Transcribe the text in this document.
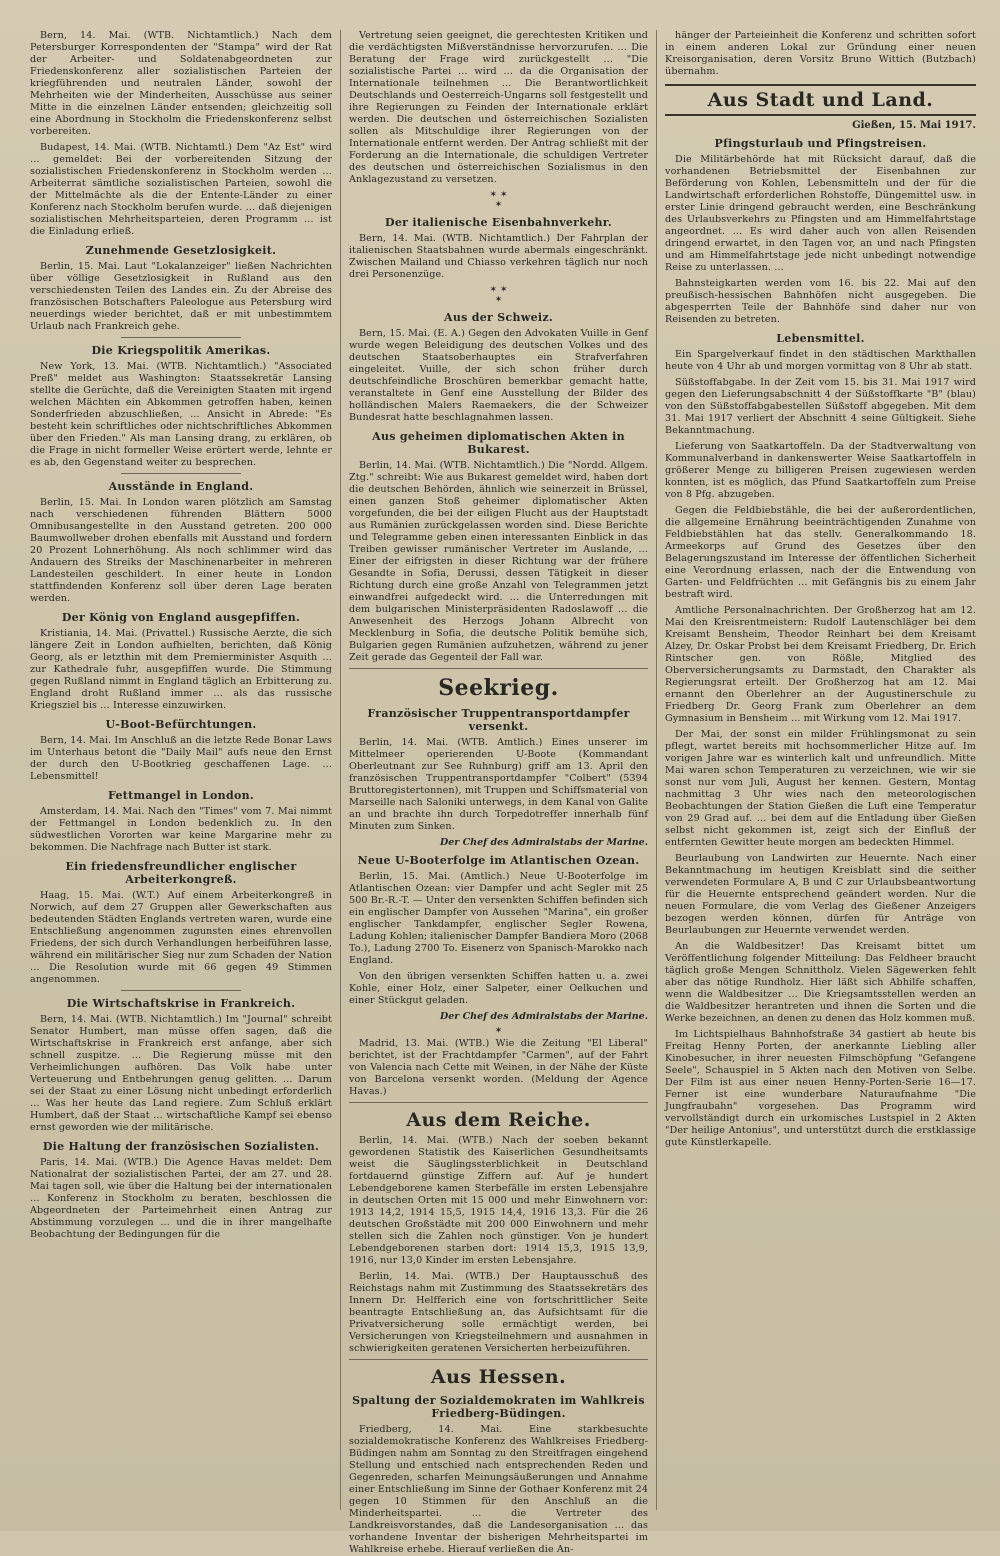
Bern, 14. Mai. (WTB. Nichtamtlich.) Nach dem Petersburger Korrespondenten der "Stampa" wird der Rat der Arbeiter- und Soldatenabgeordneten zur Friedenskonferenz aller sozialistischen Parteien der kriegführenden und neutralen Länder, sowohl der Mehrheiten wie der Minderheiten, Ausschüsse aus seiner Mitte in die einzelnen Länder entsenden; gleichzeitig soll eine Abordnung in Stockholm die Friedenskonferenz selbst vorbereiten.

Budapest, 14. Mai. (WTB. Nichtamtl.) Dem "Az Est" wird … gemeldet: Bei der vorbereitenden Sitzung der sozialistischen Friedenskonferenz in Stockholm werden … Arbeiterrat sämtliche sozialistischen Parteien, sowohl die der Mittelmächte als die der Entente-Länder zu einer Konferenz nach Stockholm berufen wurde. … daß diejenigen sozialistischen Mehrheitsparteien, deren Programm … ist die Einladung erließ.

Zunehmende Gesetzlosigkeit.

Berlin, 15. Mai. Laut "Lokalanzeiger" ließen Nachrichten über völlige Gesetzlosigkeit in Rußland aus den verschiedensten Teilen des Landes ein. Zu der Abreise des französischen Botschafters Paleologue aus Petersburg wird neuerdings wieder berichtet, daß er mit unbestimmtem Urlaub nach Frankreich gehe.

Die Kriegspolitik Amerikas.

New York, 13. Mai. (WTB. Nichtamtlich.) "Associated Preß" meldet aus Washington: Staatssekretär Lansing stellte die Gerüchte, daß die Vereinigten Staaten mit irgend welchen Mächten ein Abkommen getroffen haben, keinen Sonderfrieden abzuschließen, … Ansicht in Abrede: "Es besteht kein schriftliches oder nichtschriftliches Abkommen über den Frieden." Als man Lansing drang, zu erklären, ob die Frage in nicht formeller Weise erörtert werde, lehnte er es ab, den Gegenstand weiter zu besprechen.

Ausstände in England.

Berlin, 15. Mai. In London waren plötzlich am Samstag nach verschiedenen führenden Blättern 5000 Omnibusangestellte in den Ausstand getreten. 200 000 Baumwollweber drohen ebenfalls mit Ausstand und fordern 20 Prozent Lohnerhöhung. Als noch schlimmer wird das Andauern des Streiks der Maschinenarbeiter in mehreren Landesteilen geschildert. In einer heute in London stattfindenden Konferenz soll über deren Lage beraten werden.

Der König von England ausgepfiffen.

Kristiania, 14. Mai. (Privattel.) Russische Aerzte, die sich längere Zeit in London aufhielten, berichten, daß König Georg, als er letzthin mit dem Premierminister Asquith … zur Kathedrale fuhr, ausgepfiffen wurde. Die Stimmung gegen Rußland nimmt in England täglich an Erbitterung zu. England droht Rußland immer … als das russische Kriegsziel bis … Interesse einzuwirken.

U-Boot-Befürchtungen.

Bern, 14. Mai. Im Anschluß an die letzte Rede Bonar Laws im Unterhaus betont die "Daily Mail" aufs neue den Ernst der durch den U-Bootkrieg geschaffenen Lage. … Lebensmittel!

Fettmangel in London.

Amsterdam, 14. Mai. Nach den "Times" vom 7. Mai nimmt der Fettmangel in London bedenklich zu. In den südwestlichen Vororten war keine Margarine mehr zu bekommen. Die Nachfrage nach Butter ist stark.

Ein friedensfreundlicher englischer Arbeiterkongreß.

Haag, 15. Mai. (W.T.) Auf einem Arbeiterkongreß in Norwich, auf dem 27 Gruppen aller Gewerkschaften aus bedeutenden Städten Englands vertreten waren, wurde eine Entschließung angenommen zugunsten eines ehrenvollen Friedens, der sich durch Verhandlungen herbeiführen lasse, während ein militärischer Sieg nur zum Schaden der Nation … Die Resolution wurde mit 66 gegen 49 Stimmen angenommen.

Die Wirtschaftskrise in Frankreich.

Bern, 14. Mai. (WTB. Nichtamtlich.) Im "Journal" schreibt Senator Humbert, man müsse offen sagen, daß die Wirtschaftskrise in Frankreich erst anfange, aber sich schnell zuspitze. … Die Regierung müsse mit den Verheimlichungen aufhören. Das Volk habe unter Verteuerung und Entbehrungen genug gelitten. … Darum sei der Staat zu einer Lösung nicht unbedingt erforderlich … Was her heute das Land regiere. Zum Schluß erklärt Humbert, daß der Staat … wirtschaftliche Kampf sei ebenso ernst geworden wie der militärische.

Die Haltung der französischen Sozialisten.

Paris, 14. Mai. (WTB.) Die Agence Havas meldet: Dem Nationalrat der sozialistischen Partei, der am 27. und 28. Mai tagen soll, wie über die Haltung bei der internationalen … Konferenz in Stockholm zu beraten, beschlossen die Abgeordneten der Parteimehrheit einen Antrag zur Abstimmung vorzulegen … und die in ihrer mangelhafte Beobachtung der Bedingungen für die

Vertretung seien geeignet, die gerechtesten Kritiken und die verdächtigsten Mißverständnisse hervorzurufen. … Die Beratung der Frage wird zurückgestellt … "Die sozialistische Partei … wird … da die Organisation der Internationale teilnehmen … Die Berantwortlichkeit Deutschlands und Oesterreich-Ungarns soll festgestellt und ihre Regierungen zu Feinden der Internationale erklärt werden. Die deutschen und österreichischen Sozialisten sollen als Mitschuldige ihrer Regierungen von der Internationale entfernt werden. Der Antrag schließt mit der Forderung an die Internationale, die schuldigen Vertreter des deutschen und österreichischen Sozialismus in den Anklagezustand zu versetzen.

✶ ✶
✶
Der italienische Eisenbahnverkehr.

Bern, 14. Mai. (WTB. Nichtamtlich.) Der Fahrplan der italienischen Staatsbahnen wurde abermals eingeschränkt. Zwischen Mailand und Chiasso verkehren täglich nur noch drei Personenzüge.

✶ ✶
✶
Aus der Schweiz.

Bern, 15. Mai. (E. A.) Gegen den Advokaten Vuille in Genf wurde wegen Beleidigung des deutschen Volkes und des deutschen Staatsoberhauptes ein Strafverfahren eingeleitet. Vuille, der sich schon früher durch deutschfeindliche Broschüren bemerkbar gemacht hatte, veranstaltete in Genf eine Ausstellung der Bilder des holländischen Malers Raemaekers, die der Schweizer Bundesrat hatte beschlagnahmen lassen.

Aus geheimen diplomatischen Akten in Bukarest.

Berlin, 14. Mai. (WTB. Nichtamtlich.) Die "Nordd. Allgem. Ztg." schreibt: Wie aus Bukarest gemeldet wird, haben dort die deutschen Behörden, ähnlich wie seinerzeit in Brüssel, einen ganzen Stoß geheimer diplomatischer Akten vorgefunden, die bei der eiligen Flucht aus der Hauptstadt aus Rumänien zurückgelassen worden sind. Diese Berichte und Telegramme geben einen interessanten Einblick in das Treiben gewisser rumänischer Vertreter im Auslande, … Einer der eifrigsten in dieser Richtung war der frühere Gesandte in Sofia, Derussi, dessen Tätigkeit in dieser Richtung durch eine große Anzahl von Telegrammen jetzt einwandfrei aufgedeckt wird. … die Unterredungen mit dem bulgarischen Ministerpräsidenten Radoslawoff … die Anwesenheit des Herzogs Johann Albrecht von Mecklenburg in Sofia, die deutsche Politik bemühe sich, Bulgarien gegen Rumänien aufzuhetzen, während zu jener Zeit gerade das Gegenteil der Fall war.

Seekrieg.
Französischer Truppentransportdampfer versenkt.

Berlin, 14. Mai. (WTB. Amtlich.) Eines unserer im Mittelmeer operierenden U-Boote (Kommandant Oberleutnant zur See Ruhnburg) griff am 13. April den französischen Truppentransportdampfer "Colbert" (5394 Bruttoregistertonnen), mit Truppen und Schiffsmaterial von Marseille nach Saloniki unterwegs, in dem Kanal von Galite an und brachte ihn durch Torpedotreffer innerhalb fünf Minuten zum Sinken.

Der Chef des Admiralstabs der Marine.
Neue U-Booterfolge im Atlantischen Ozean.

Berlin, 15. Mai. (Amtlich.) Neue U-Booterfolge im Atlantischen Ozean: vier Dampfer und acht Segler mit 25 500 Br.-R.-T. — Unter den versenkten Schiffen befinden sich ein englischer Dampfer von Aussehen "Marina", ein großer englischer Tankdampfer, englischer Segler Rowena, Ladung Kohlen; italienischer Dampfer Bandiera Moro (2068 To.), Ladung 2700 To. Eisenerz von Spanisch-Marokko nach England.

Von den übrigen versenkten Schiffen hatten u. a. zwei Kohle, einer Holz, einer Salpeter, einer Oelkuchen und einer Stückgut geladen.

Der Chef des Admiralstabs der Marine.
✶

Madrid, 13. Mai. (WTB.) Wie die Zeitung "El Liberal" berichtet, ist der Frachtdampfer "Carmen", auf der Fahrt von Valencia nach Cette mit Weinen, in der Nähe der Küste von Barcelona versenkt worden. (Meldung der Agence Havas.)

Aus dem Reiche.

Berlin, 14. Mai. (WTB.) Nach der soeben bekannt gewordenen Statistik des Kaiserlichen Gesundheitsamts weist die Säuglingssterblichkeit in Deutschland fortdauernd günstige Ziffern auf. Auf je hundert Lebendgeborene kamen Sterbefälle im ersten Lebensjahre in deutschen Orten mit 15 000 und mehr Einwohnern vor: 1913 14,2, 1914 15,5, 1915 14,4, 1916 13,3. Für die 26 deutschen Großstädte mit 200 000 Einwohnern und mehr stellen sich die Zahlen noch günstiger. Von je hundert Lebendgeborenen starben dort: 1914 15,3, 1915 13,9, 1916, nur 13,0 Kinder im ersten Lebensjahre.

Berlin, 14. Mai. (WTB.) Der Hauptausschuß des Reichstags nahm mit Zustimmung des Staatssekretärs des Innern Dr. Helfferich eine von fortschrittlicher Seite beantragte Entschließung an, das Aufsichtsamt für die Privatversicherung solle ermächtigt werden, bei Versicherungen von Kriegsteilnehmern und ausnahmen in schwierigkeiten geratenen Versicherten herbeizuführen.

Aus Hessen.
Spaltung der Sozialdemokraten im Wahlkreis Friedberg-Büdingen.

Friedberg, 14. Mai. Eine starkbesuchte sozialdemokratische Konferenz des Wahlkreises Friedberg-Büdingen nahm am Sonntag zu den Streitfragen eingehend Stellung und entschied nach entsprechenden Reden und Gegenreden, scharfen Meinungsäußerungen und Annahme einer Entschließung im Sinne der Gothaer Konferenz mit 24 gegen 10 Stimmen für den Anschluß an die Minderheitspartei. … die Vertreter des Landkreisvorstandes, daß die Landesorganisation … das vorhandene Inventar der bisherigen Mehrheitspartei im Wahlkreise erhebe. Hierauf verließen die An-

hänger der Parteieinheit die Konferenz und schritten sofort in einem anderen Lokal zur Gründung einer neuen Kreisorganisation, deren Vorsitz Bruno Wittich (Butzbach) übernahm.

Aus Stadt und Land.
Gießen, 15. Mai 1917.
Pfingsturlaub und Pfingstreisen.

Die Militärbehörde hat mit Rücksicht darauf, daß die vorhandenen Betriebsmittel der Eisenbahnen zur Beförderung von Kohlen, Lebensmitteln und der für die Landwirtschaft erforderlichen Rohstoffe, Düngemittel usw. in erster Linie dringend gebraucht werden, eine Beschränkung des Urlaubsverkehrs zu Pfingsten und am Himmelfahrtstage angeordnet. … Es wird daher auch von allen Reisenden dringend erwartet, in den Tagen vor, an und nach Pfingsten und am Himmelfahrtstage jede nicht unbedingt notwendige Reise zu unterlassen. …

Bahnsteigkarten werden vom 16. bis 22. Mai auf den preußisch-hessischen Bahnhöfen nicht ausgegeben. Die abgesperrten Teile der Bahnhöfe sind daher nur von Reisenden zu betreten.

Lebensmittel.

Ein Spargelverkauf findet in den städtischen Markthallen heute von 4 Uhr ab und morgen vormittag von 8 Uhr ab statt.

Süßstoffabgabe. In der Zeit vom 15. bis 31. Mai 1917 wird gegen den Lieferungsabschnitt 4 der Süßstoffkarte "B" (blau) von den Süßstoffabgabestellen Süßstoff abgegeben. Mit dem 31. Mai 1917 verliert der Abschnitt 4 seine Gültigkeit. Siehe Bekanntmachung.

Lieferung von Saatkartoffeln. Da der Stadtverwaltung von Kommunalverband in dankenswerter Weise Saatkartoffeln in größerer Menge zu billigeren Preisen zugewiesen werden konnten, ist es möglich, das Pfund Saatkartoffeln zum Preise von 8 Pfg. abzugeben.

Gegen die Feldbiebstähle, die bei der außerordentlichen, die allgemeine Ernährung beeinträchtigenden Zunahme von Feldbiebstählen hat das stellv. Generalkommando 18. Armeekorps auf Grund des Gesetzes über den Belagerungszustand im Interesse der öffentlichen Sicherheit eine Verordnung erlassen, nach der die Entwendung von Garten- und Feldfrüchten … mit Gefängnis bis zu einem Jahr bestraft wird.

Amtliche Personalnachrichten. Der Großherzog hat am 12. Mai den Kreisrentmeistern: Rudolf Lautenschläger bei dem Kreisamt Bensheim, Theodor Reinhart bei dem Kreisamt Alzey, Dr. Oskar Probst bei dem Kreisamt Friedberg, Dr. Erich Rintscher gen. von Rößle, Mitglied des Oberversicherungsamts zu Darmstadt, den Charakter als Regierungsrat erteilt. Der Großherzog hat am 12. Mai ernannt den Oberlehrer an der Augustinerschule zu Friedberg Dr. Georg Frank zum Oberlehrer an dem Gymnasium in Bensheim … mit Wirkung vom 12. Mai 1917.

Der Mai, der sonst ein milder Frühlingsmonat zu sein pflegt, wartet bereits mit hochsommerlicher Hitze auf. Im vorigen Jahre war es winterlich kalt und unfreundlich. Mitte Mai waren schon Temperaturen zu verzeichnen, wie wir sie sonst nur vom Juli, August her kennen. Gestern, Montag nachmittag 3 Uhr wies nach den meteorologischen Beobachtungen der Station Gießen die Luft eine Temperatur von 29 Grad auf. … bei dem auf die Entladung über Gießen selbst nicht gekommen ist, zeigt sich der Einfluß der entfernten Gewitter heute morgen am bedeckten Himmel.

Beurlaubung von Landwirten zur Heuernte. Nach einer Bekanntmachung im heutigen Kreisblatt sind die seither verwendeten Formulare A, B und C zur Urlaubsbeantwortung für die Heuernte entsprechend geändert worden. Nur die neuen Formulare, die vom Verlag des Gießener Anzeigers bezogen werden können, dürfen für Anträge von Beurlaubungen zur Heuernte verwendet werden.

An die Waldbesitzer! Das Kreisamt bittet um Veröffentlichung folgender Mitteilung: Das Feldheer braucht täglich große Mengen Schnittholz. Vielen Sägewerken fehlt aber das nötige Rundholz. Hier läßt sich Abhilfe schaffen, wenn die Waldbesitzer … Die Kriegsamtsstellen werden an die Waldbesitzer herantreten und ihnen die Sorten und die Werke bezeichnen, an denen zu denen das Holz kommen muß.

Im Lichtspielhaus Bahnhofstraße 34 gastiert ab heute bis Freitag Henny Porten, der anerkannte Liebling aller Kinobesucher, in ihrer neuesten Filmschöpfung "Gefangene Seele", Schauspiel in 5 Akten nach den Motiven von Selbe. Der Film ist aus einer neuen Henny-Porten-Serie 16—17. Ferner ist eine wunderbare Naturaufnahme "Die Jungfraubahn" vorgesehen. Das Programm wird vervollständigt durch ein urkomisches Lustspiel in 2 Akten "Der heilige Antonius", und unterstützt durch die erstklassige gute Künstlerkapelle.
